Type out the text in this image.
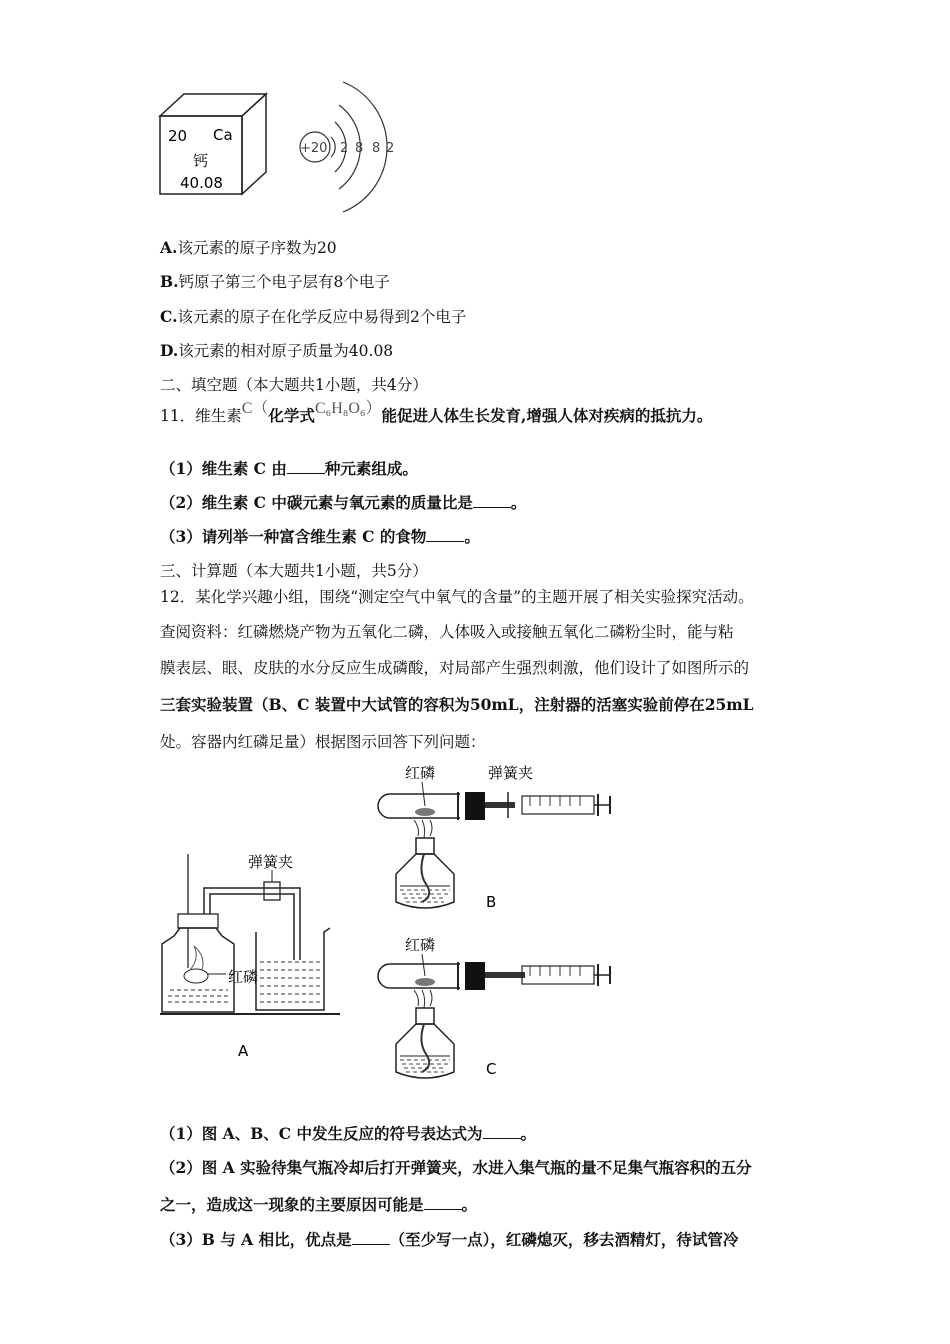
20 Ca
钙
40.08
+20 2 8 8 2
A.该元素的原子序数为20
B.钙原子第三个电子层有8个电子
C.该元素的原子在化学反应中易得到2个电子
D.该元素的相对原子质量为40.08
二、填空题（本大题共1小题，共4分）
11．维生素C（化学式C₆H₈O₆）能促进人体生长发育,增强人体对疾病的抵抗力。
（1）维生素 C 由 种元素组成。
（2）维生素 C 中碳元素与氧元素的质量比是 。
（3）请列举一种富含维生素 C 的食物 。
三、计算题（本大题共1小题，共5分）
12．某化学兴趣小组，围绕“测定空气中氧气的含量”的主题开展了相关实验探究活动。
查阅资料：红磷燃烧产物为五氧化二磷，人体吸入或接触五氧化二磷粉尘时，能与粘
膜表层、眼、皮肤的水分反应生成磷酸，对局部产生强烈刺激，他们设计了如图所示的
三套实验装置（B、C 装置中大试管的容积为50mL，注射器的活塞实验前停在25mL
处。容器内红磷足量）根据图示回答下列问题：
红磷	弹簧夹
B
弹簧夹
红磷
A
红磷
C
（1）图 A、B、C 中发生反应的符号表达式为 。
（2）图 A 实验待集气瓶冷却后打开弹簧夹，水进入集气瓶的量不足集气瓶容积的五分
之一，造成这一现象的主要原因可能是 。
（3）B 与 A 相比，优点是 （至少写一点），红磷熄灭，移去酒精灯，待试管冷
